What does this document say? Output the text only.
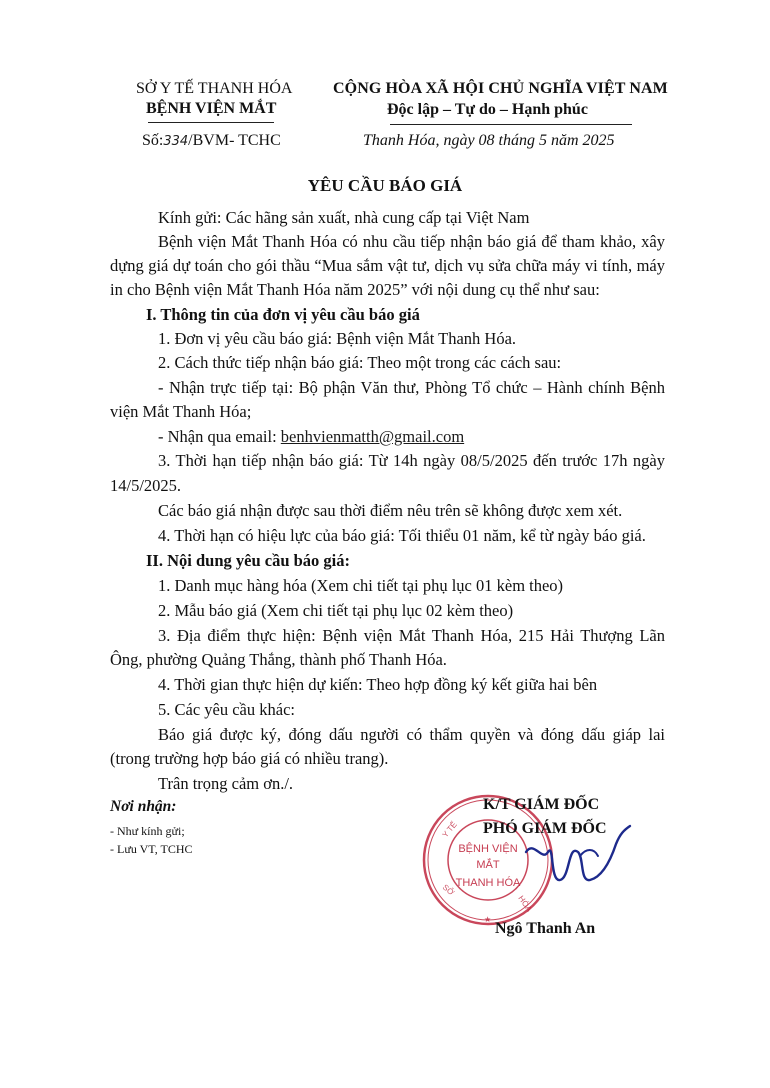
SỞ Y TẾ THANH HÓA
BỆNH VIỆN MẮT
CỘNG HÒA XÃ HỘI CHỦ NGHĨA VIỆT NAM
Độc lập – Tự do – Hạnh phúc
Số:334/BVM- TCHC	Thanh Hóa, ngày 08 tháng 5 năm 2025
YÊU CẦU BÁO GIÁ
Kính gửi: Các hãng sản xuất, nhà cung cấp tại Việt Nam
Bệnh viện Mắt Thanh Hóa có nhu cầu tiếp nhận báo giá để tham khảo, xây
dựng giá dự toán cho gói thầu “Mua sắm vật tư, dịch vụ sửa chữa máy vi tính, máy
in cho Bệnh viện Mắt Thanh Hóa năm 2025” với nội dung cụ thể như sau:
I. Thông tin của đơn vị yêu cầu báo giá
1. Đơn vị yêu cầu báo giá: Bệnh viện Mắt Thanh Hóa.
2. Cách thức tiếp nhận báo giá: Theo một trong các cách sau:
- Nhận trực tiếp tại: Bộ phận Văn thư, Phòng Tổ chức – Hành chính Bệnh
viện Mắt Thanh Hóa;
- Nhận qua email: benhvienmatth@gmail.com
3. Thời hạn tiếp nhận báo giá: Từ 14h ngày 08/5/2025 đến trước 17h ngày
14/5/2025.
Các báo giá nhận được sau thời điểm nêu trên sẽ không được xem xét.
4. Thời hạn có hiệu lực của báo giá: Tối thiểu 01 năm, kể từ ngày báo giá.
II. Nội dung yêu cầu báo giá:
1. Danh mục hàng hóa (Xem chi tiết tại phụ lục 01 kèm theo)
2. Mẫu báo giá (Xem chi tiết tại phụ lục 02 kèm theo)
3. Địa điểm thực hiện: Bệnh viện Mắt Thanh Hóa, 215 Hải Thượng Lãn
Ông, phường Quảng Thắng, thành phố Thanh Hóa.
4. Thời gian thực hiện dự kiến: Theo hợp đồng ký kết giữa hai bên
5. Các yêu cầu khác:
Báo giá được ký, đóng dấu người có thẩm quyền và đóng dấu giáp lai
(trong trường hợp báo giá có nhiều trang).
Trân trọng cảm ơn./.
Nơi nhận:
- Như kính gửi;
- Lưu VT, TCHC
Y TẾ
HÓA
SỞ
★
BỆNH VIỆN
MẮT
THANH HÓA
K/T GIÁM ĐỐC
PHÓ GIÁM ĐỐC
Ngô Thanh An
